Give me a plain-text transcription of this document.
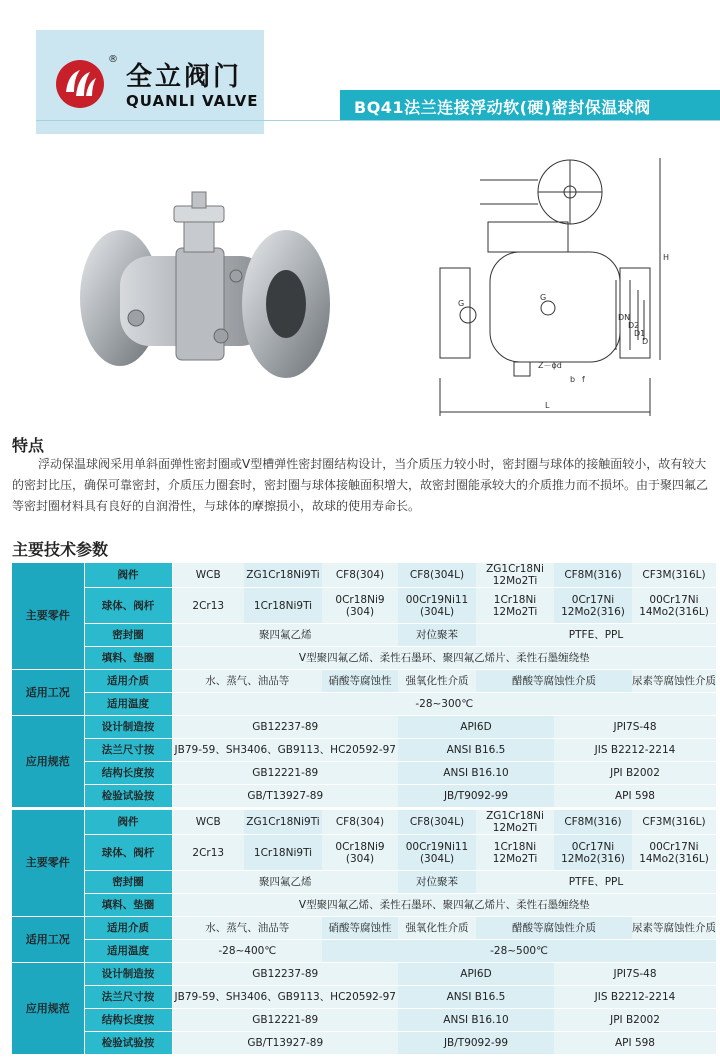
®
全立阀门
QUANLI VALVE	BQ41法兰连接浮动软(硬)密封保温球阀
L
H
G
G
DN
D2
D1
D
Z－ϕd
b f
特点
浮动保温球阀采用单斜面弹性密封圈或V型槽弹性密封圈结构设计，当介质压力较小时，密封圈与球体的接触面较小，故有较大的密封比压，确保可靠密封，介质压力圈套时，密封圈与球体接触面积增大，故密封圈能承较大的介质推力而不损坏。由于聚四氟乙等密封圈材料具有良好的自润滑性，与球体的摩擦损小，故球的使用寿命长。
主要技术参数
主要零件	阀件	WCB	ZG1Cr18Ni9Ti	CF8(304)	CF8(304L)	ZG1Cr18Ni
12Mo2Ti	CF8M(316)	CF3M(316L)
	球体、阀杆	2Cr13	1Cr18Ni9Ti	0Cr18Ni9
(304)	00Cr19Ni11
(304L)	1Cr18Ni
12Mo2Ti	0Cr17Ni
12Mo2(316)	00Cr17Ni
14Mo2(316L)
	密封圈	聚四氟乙烯			对位聚苯	PTFE、PPL		
	填料、垫圈	V型聚四氟乙烯、柔性石墨环、聚四氟乙烯片、柔性石墨缠绕垫						
适用工况	适用介质	水、蒸气、油品等		硝酸等腐蚀性	强氧化性介质	醋酸等腐蚀性介质		尿素等腐蚀性介质
	适用温度	-28~300℃						
应用规范	设计制造按	GB12237-89			API6D		JPI7S-48	
	法兰尺寸按	JB79-59、SH3406、GB9113、HC20592-97			ANSI B16.5		JIS B2212-2214	
	结构长度按	GB12221-89			ANSI B16.10		JPI B2002	
	检验试验按	GB/T13927-89			JB/T9092-99		API 598	
主要零件	阀件	WCB	ZG1Cr18Ni9Ti	CF8(304)	CF8(304L)	ZG1Cr18Ni
12Mo2Ti	CF8M(316)	CF3M(316L)
	球体、阀杆	2Cr13	1Cr18Ni9Ti	0Cr18Ni9
(304)	00Cr19Ni11
(304L)	1Cr18Ni
12Mo2Ti	0Cr17Ni
12Mo2(316)	00Cr17Ni
14Mo2(316L)
	密封圈	聚四氟乙烯			对位聚苯	PTFE、PPL		
	填料、垫圈	V型聚四氟乙烯、柔性石墨环、聚四氟乙烯片、柔性石墨缠绕垫						
适用工况	适用介质	水、蒸气、油品等		硝酸等腐蚀性	强氧化性介质	醋酸等腐蚀性介质		尿素等腐蚀性介质
	适用温度	-28~400℃		-28~500℃				
应用规范	设计制造按	GB12237-89			API6D		JPI7S-48	
	法兰尺寸按	JB79-59、SH3406、GB9113、HC20592-97			ANSI B16.5		JIS B2212-2214	
	结构长度按	GB12221-89			ANSI B16.10		JPI B2002	
	检验试验按	GB/T13927-89			JB/T9092-99		API 598	
